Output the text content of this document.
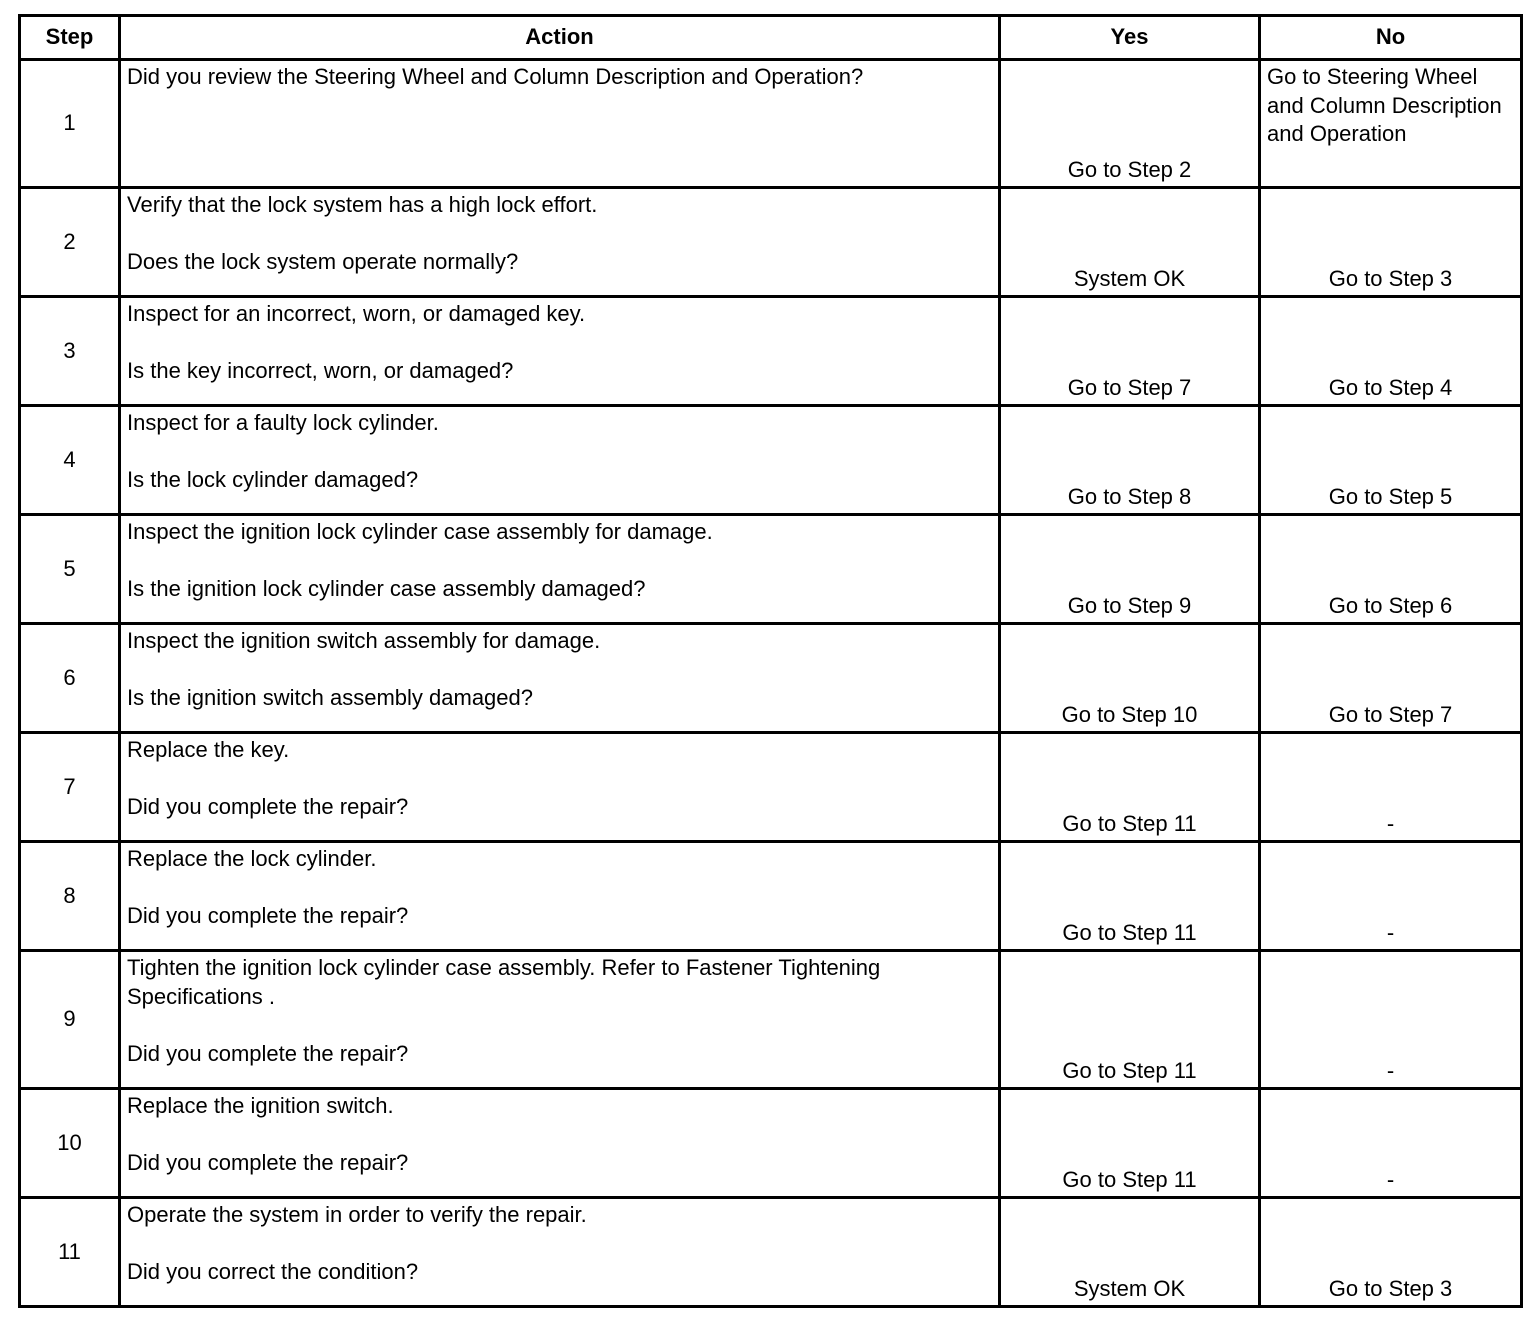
Step	Action	Yes	No
1	Did you review the Steering Wheel and Column Description and Operation?	Go to Step 2	Go to Steering Wheel and Column Description and Operation

2	Verify that the lock system has a high lock effort.
Does the lock system operate normally?	System OK	Go to Step 3
3	Inspect for an incorrect, worn, or damaged key.
Is the key incorrect, worn, or damaged?	Go to Step 7	Go to Step 4
4	Inspect for a faulty lock cylinder.
Is the lock cylinder damaged?	Go to Step 8	Go to Step 5
5	Inspect the ignition lock cylinder case assembly for damage.
Is the ignition lock cylinder case assembly damaged?	Go to Step 9	Go to Step 6
6	Inspect the ignition switch assembly for damage.
Is the ignition switch assembly damaged?	Go to Step 10	Go to Step 7
7	Replace the key.
Did you complete the repair?	Go to Step 11	-
8	Replace the lock cylinder.
Did you complete the repair?	Go to Step 11	-
9	Tighten the ignition lock cylinder case assembly. Refer to Fastener Tightening Specifications .
Did you complete the repair?	Go to Step 11	-
10	Replace the ignition switch.
Did you complete the repair?	Go to Step 11	-
11	Operate the system in order to verify the repair.
Did you correct the condition?	System OK	Go to Step 3
